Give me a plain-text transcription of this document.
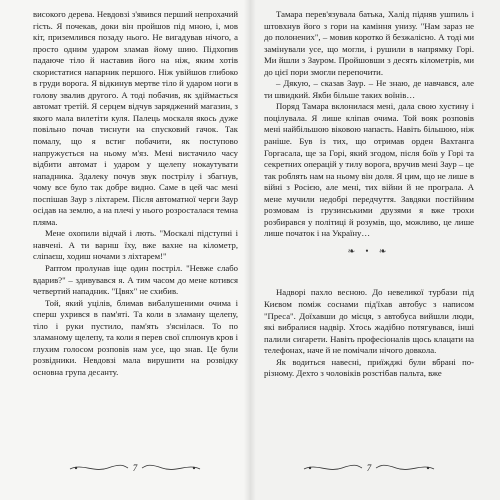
високого дерева. Невдовзі з'явився перший непрохачий гість. Я почекав, доки він пройшов під мною, і, мов кіт, приземлився позаду нього. Не вигадував нічого, а просто одним ударом зламав йому шию. Підхопив падаюче тіло й наставив його на ніж, яким хотів скористатися напарник першого. Ніж увійшов глибоко в груди ворога. Я відкинув мертве тіло й ударом ноги в голову звалив другого. А тоді побачив, як здіймається автомат третій. Я серцем відчув заряджений магазин, з якого мала вилетіти куля. Палець москаля якось дуже повільно почав тиснути на спусковий гачок. Так помалу, що я встиг побачити, як поступово напружується на ньому м'яз. Мені вистачило часу відбити автомат і ударом у щелепу нокаутувати нападника. Здалеку почув звук пострілу і збагнув, чому все було так добре видно. Саме в цей час мені поспішав Заур з ліхтарем. Після автоматної черги Заур осідав на землю, а на плечі у нього розросталася темна пляма.

Мене охопили відчай і лють. "Москалі підступні і навчені. А ти варнш їху, вже вахне на кілометр, сліпаєш, ходиш ночами з ліхтарем!"

Раптом пролунав іще один постріл. "Невже слабо вдарив?" – здивувався я. А тим часом до мене котився четвертий нападник. "Цвях" не схибив.

Той, який уцілів, блимав вибалушеними очима і сперш ухрився в пам'яті. Та коли в зламану щелепу, тіло і руки пустило, пам'ять з'яснілася. То по зламаному щелепу, та коли я перев свої сплюнув кров і глухим голосом розповів нам усе, що знав. Це були розвідники. Невдовзі мала вирушити на розвідку основна група десанту.

7

Тамара перев'язувала батька, Халід підняв ушпиль і штовхнув його з гори на каміння унизу. "Нам зараз не до полонених", – мовив коротко й безжалісно. А тоді ми замінували усе, що могли, і рушили в напрямку Горі. Ми йшли з Зауром. Пройшовши з десять кілометрів, ми до цієї пори змогли перепочити.

– Дякую, – сказав Заур. – Не знаю, де навчався, але ти швидкий. Якби більше таких воїнів…

Поряд Тамара вклонилася мені, дала свою хустину і поцілувала. Я лише кліпав очима. Той вояк розповів мені найбільшою віковою напасть. Навіть більшою, ніж раніше. Був із тих, що отримав орден Вахтанга Горгасала, ще за Горі, який згодом, після боїв у Горі та секретних операцій у тилу ворога, вручив мені Заур – це так роблять нам на ньому він доля. Я цим, що не лише в війні з Росією, але мені, тих війни й не програла. А мене мучили недобрі передчуття. Завдяки постійним розмовам із грузинськими друзями я вже трохи розбирався у політиці й розумів, що, можливо, це лише лише початок і на Україну…

❧ • ❧

Надворі пахло весною. До невеликої турбази під Києвом поміж соснами під'їхав автобус з написом "Преса". Доїхавши до місця, з автобуса вийшли люди, які вибралися надвір. Хтось жадібно потягувався, інші палили сигарети. Навіть професіоналів щось клацати на телефонах, наче й не помічали нічого довкола.

Як водиться навесні, приїжджі були вбрані по-різному. Дехто з чоловіків розстібав пальта, вже

7
